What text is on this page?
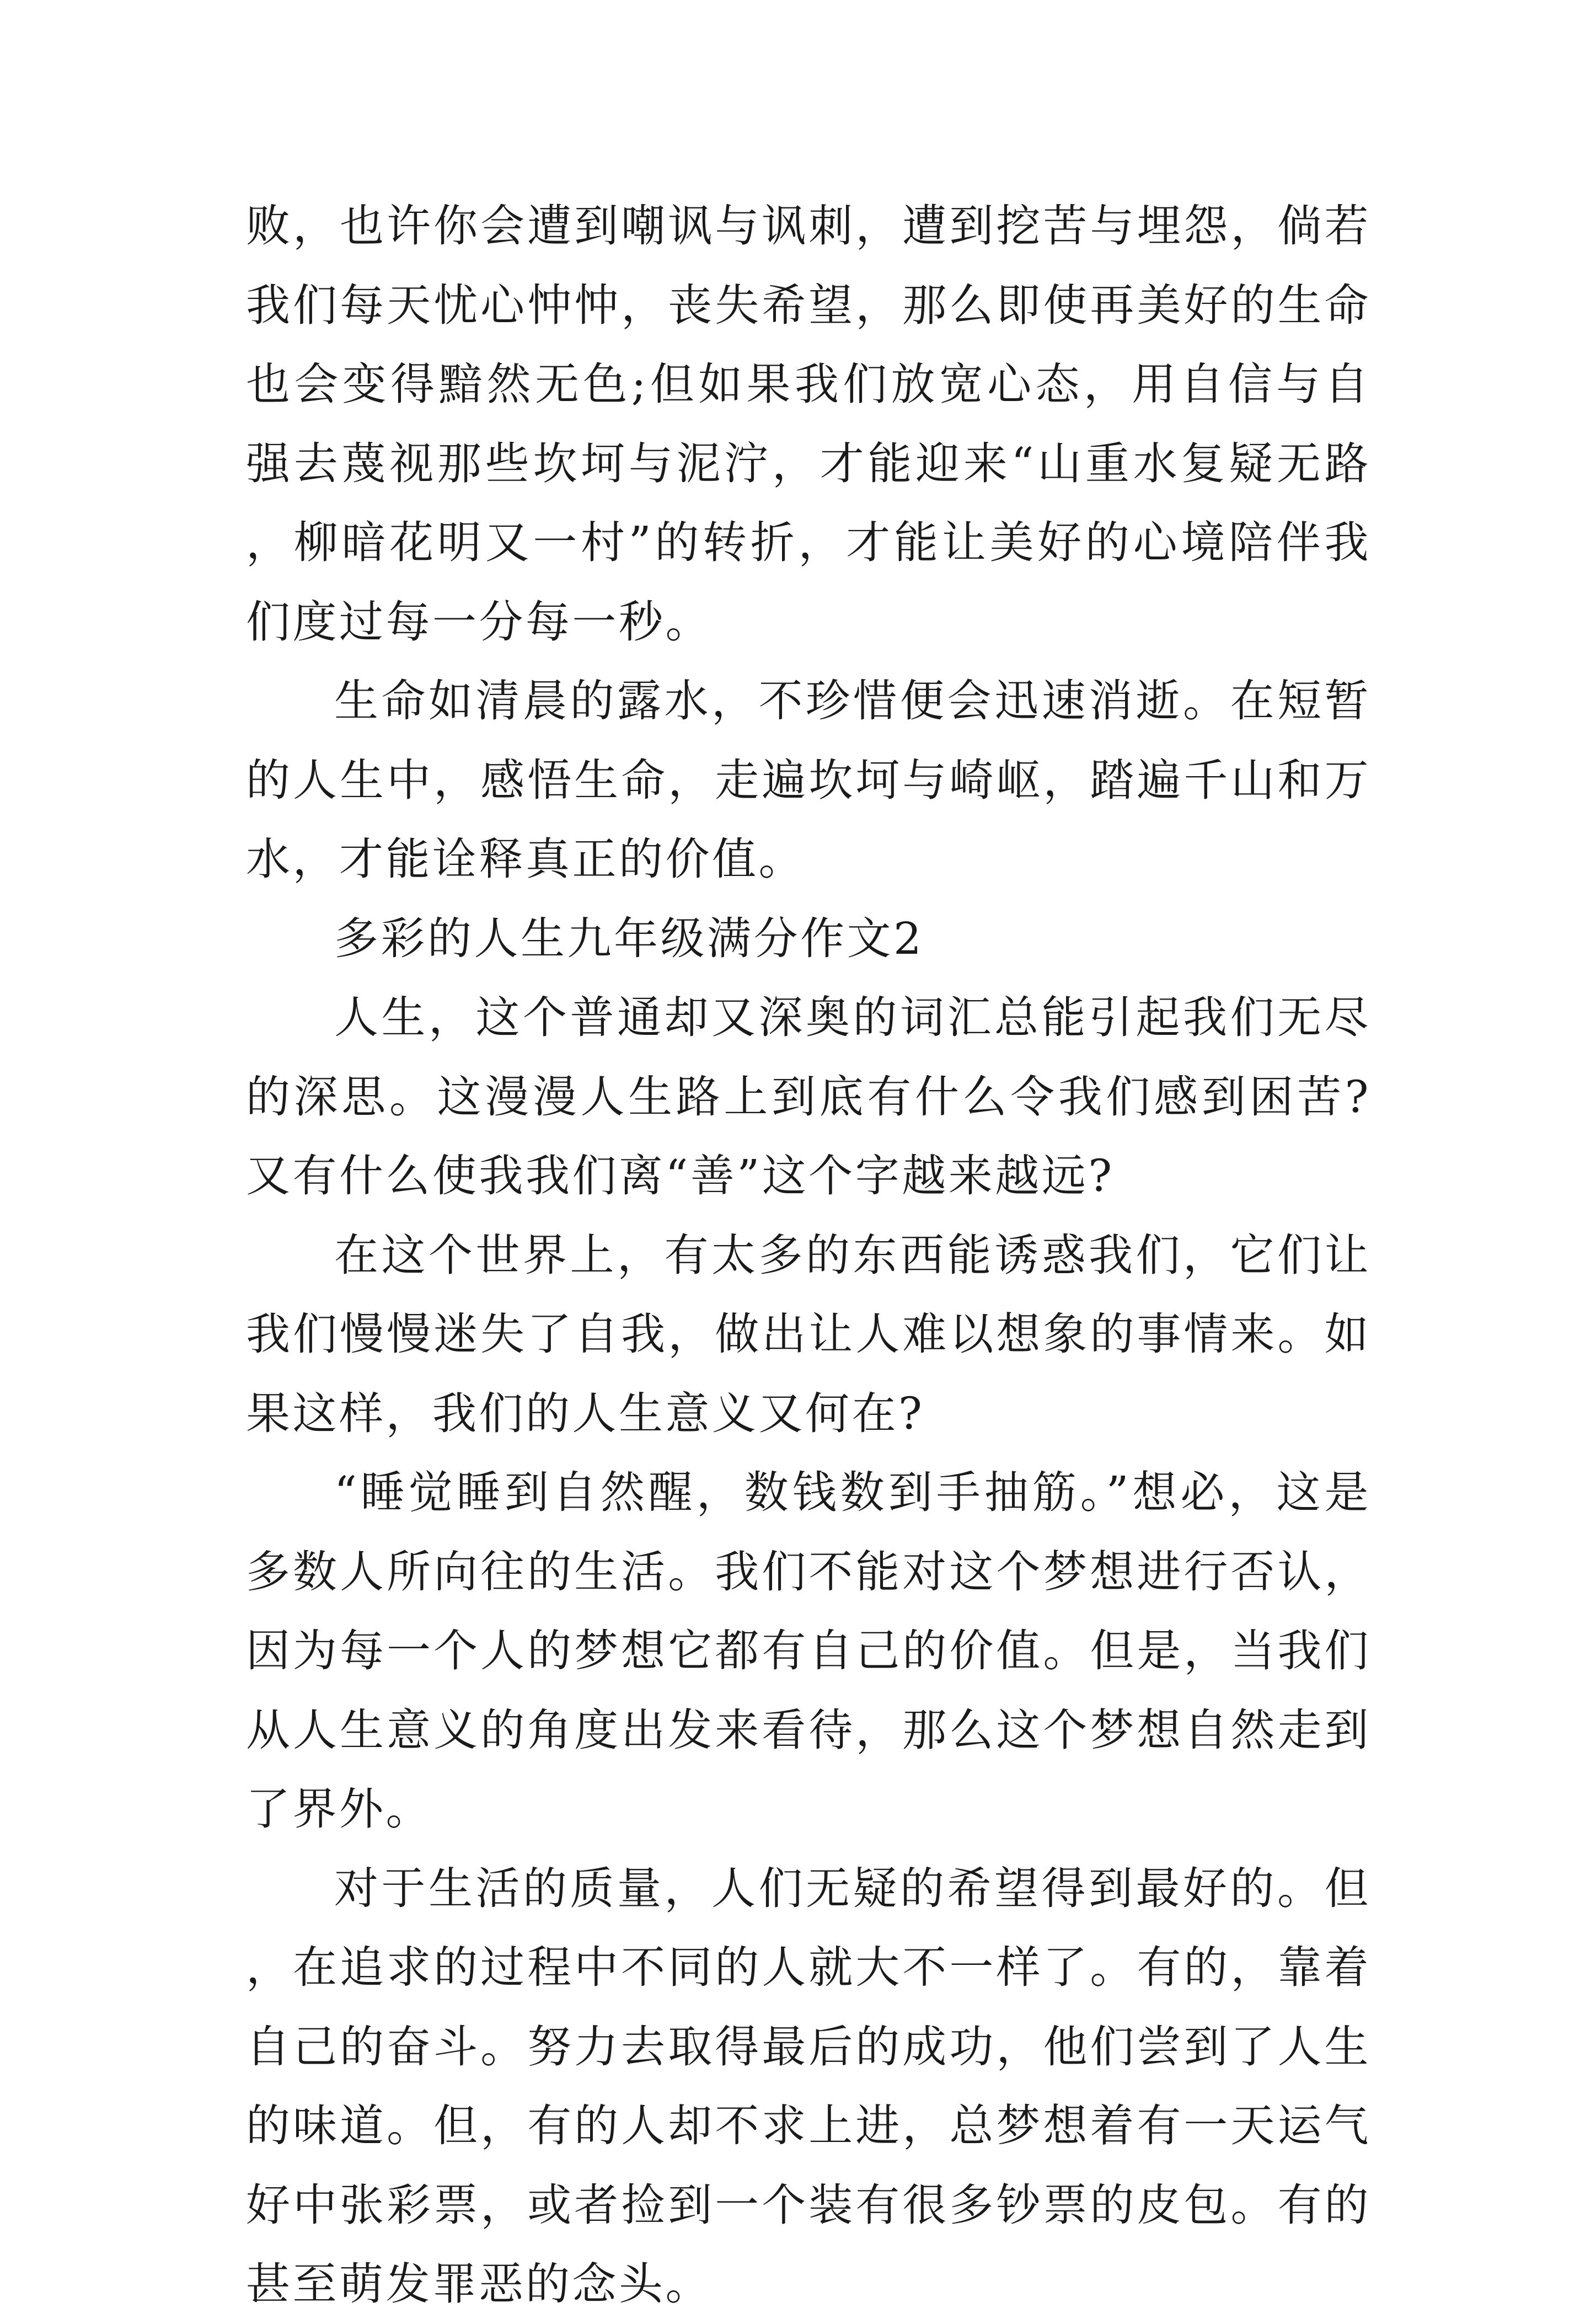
败，也许你会遭到嘲讽与讽刺，遭到挖苦与埋怨，倘若我们每天忧心忡忡，丧失希望，那么即使再美好的生命也会变得黯然无色;但如果我们放宽心态，用自信与自强去蔑视那些坎坷与泥泞，才能迎来“山重水复疑无路，柳暗花明又一村”的转折，才能让美好的心境陪伴我们度过每一分每一秒。

生命如清晨的露水，不珍惜便会迅速消逝。在短暂的人生中，感悟生命，走遍坎坷与崎岖，踏遍千山和万水，才能诠释真正的价值。

多彩的人生九年级满分作文2

人生，这个普通却又深奥的词汇总能引起我们无尽的深思。这漫漫人生路上到底有什么令我们感到困苦?又有什么使我我们离“善”这个字越来越远?

在这个世界上，有太多的东西能诱惑我们，它们让我们慢慢迷失了自我，做出让人难以想象的事情来。如果这样，我们的人生意义又何在?

“睡觉睡到自然醒，数钱数到手抽筋。”想必，这是多数人所向往的生活。我们不能对这个梦想进行否认，因为每一个人的梦想它都有自己的价值。但是，当我们从人生意义的角度出发来看待，那么这个梦想自然走到了界外。

对于生活的质量，人们无疑的希望得到最好的。但，在追求的过程中不同的人就大不一样了。有的，靠着自己的奋斗。努力去取得最后的成功，他们尝到了人生的味道。但，有的人却不求上进，总梦想着有一天运气好中张彩票，或者捡到一个装有很多钞票的皮包。有的甚至萌发罪恶的念头。
